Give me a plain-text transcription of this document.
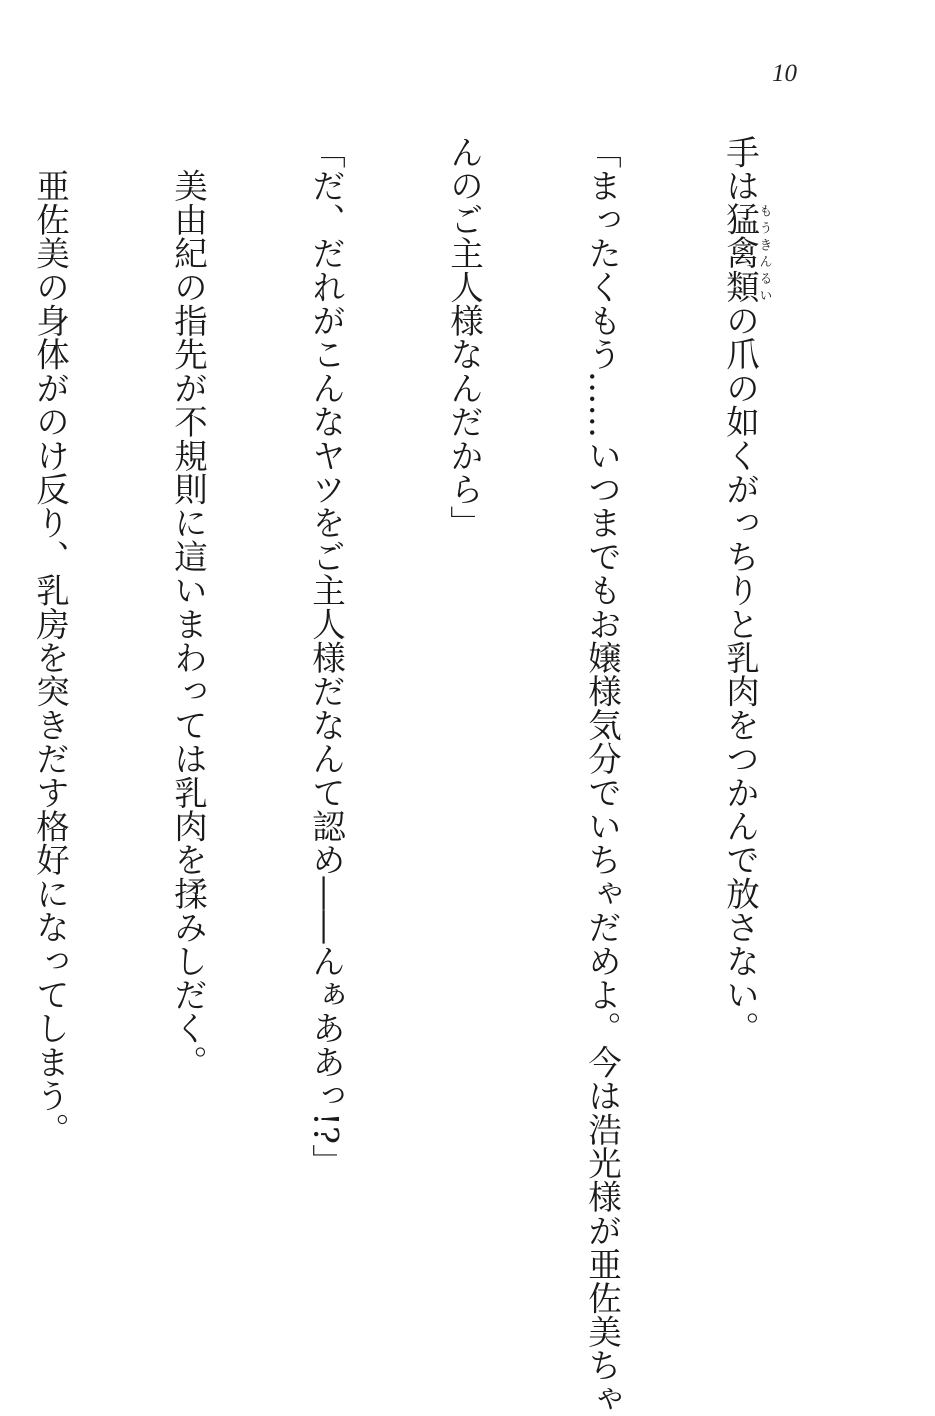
10

手は猛禽類もうきんるいの爪の如くがっちりと乳肉をつかんで放さない。

「まったくもう……いつまでもお嬢様気分でいちゃだめよ。今は浩光様が亜佐美ちゃ

んのご主人様なんだから」

「だ、だれがこんなヤツをご主人様だなんて認め――んぁああっ!?」

　美由紀の指先が不規則に這いまわっては乳肉を揉みしだく。

　亜佐美の身体がのけ反り、乳房を突きだす格好になってしまう。
